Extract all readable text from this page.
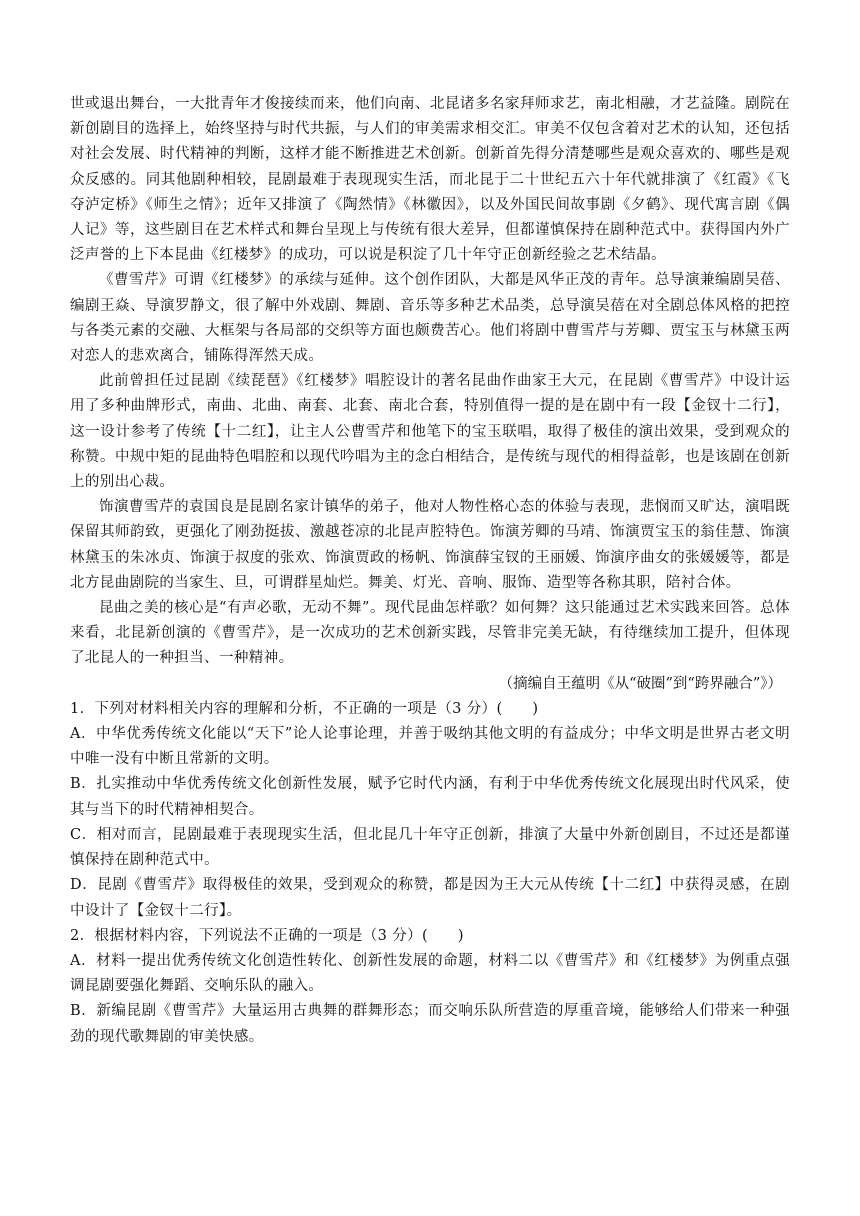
世或退出舞台，一大批青年才俊接续而来，他们向南、北昆诸多名家拜师求艺，南北相融，才艺益隆。剧院在新创剧目的选择上，始终坚持与时代共振，与人们的审美需求相交汇。审美不仅包含着对艺术的认知，还包括对社会发展、时代精神的判断，这样才能不断推进艺术创新。创新首先得分清楚哪些是观众喜欢的、哪些是观众反感的。同其他剧种相较，昆剧最难于表现现实生活，而北昆于二十世纪五六十年代就排演了《红霞》《飞夺泸定桥》《师生之情》；近年又排演了《陶然情》《林徽因》，以及外国民间故事剧《夕鹤》、现代寓言剧《偶人记》等，这些剧目在艺术样式和舞台呈现上与传统有很大差异，但都谨慎保持在剧种范式中。获得国内外广泛声誉的上下本昆曲《红楼梦》的成功，可以说是积淀了几十年守正创新经验之艺术结晶。

《曹雪芹》可谓《红楼梦》的承续与延伸。这个创作团队，大都是风华正茂的青年。总导演兼编剧吴蓓、编剧王焱、导演罗静文，很了解中外戏剧、舞剧、音乐等多种艺术品类，总导演吴蓓在对全剧总体风格的把控与各类元素的交融、大框架与各局部的交织等方面也颇费苦心。他们将剧中曹雪芹与芳卿、贾宝玉与林黛玉两对恋人的悲欢离合，铺陈得浑然天成。

此前曾担任过昆剧《续琵琶》《红楼梦》唱腔设计的著名昆曲作曲家王大元，在昆剧《曹雪芹》中设计运用了多种曲牌形式，南曲、北曲、南套、北套、南北合套，特别值得一提的是在剧中有一段【金钗十二行】，这一设计参考了传统【十二红】，让主人公曹雪芹和他笔下的宝玉联唱，取得了极佳的演出效果，受到观众的称赞。中规中矩的昆曲特色唱腔和以现代吟唱为主的念白相结合，是传统与现代的相得益彰，也是该剧在创新上的别出心裁。

饰演曹雪芹的袁国良是昆剧名家计镇华的弟子，他对人物性格心态的体验与表现，悲悯而又旷达，演唱既保留其师韵致，更强化了刚劲挺拔、激越苍凉的北昆声腔特色。饰演芳卿的马靖、饰演贾宝玉的翁佳慧、饰演林黛玉的朱冰贞、饰演于叔度的张欢、饰演贾政的杨帆、饰演薛宝钗的王丽媛、饰演序曲女的张媛媛等，都是北方昆曲剧院的当家生、旦，可谓群星灿烂。舞美、灯光、音响、服饰、造型等各称其职，陪衬合体。

昆曲之美的核心是“有声必歌，无动不舞”。现代昆曲怎样歌？如何舞？这只能通过艺术实践来回答。总体来看，北昆新创演的《曹雪芹》，是一次成功的艺术创新实践，尽管非完美无缺，有待继续加工提升，但体现了北昆人的一种担当、一种精神。

（摘编自王蕴明《从“破圈”到“跨界融合”》）

1．下列对材料相关内容的理解和分析，不正确的一项是（3 分）(　　)

A．中华优秀传统文化能以“天下”论人论事论理，并善于吸纳其他文明的有益成分；中华文明是世界古老文明中唯一没有中断且常新的文明。

B．扎实推动中华优秀传统文化创新性发展，赋予它时代内涵，有利于中华优秀传统文化展现出时代风采，使其与当下的时代精神相契合。

C．相对而言，昆剧最难于表现现实生活，但北昆几十年守正创新，排演了大量中外新创剧目，不过还是都谨慎保持在剧种范式中。

D．昆剧《曹雪芹》取得极佳的效果，受到观众的称赞，都是因为王大元从传统【十二红】中获得灵感，在剧中设计了【金钗十二行】。

2．根据材料内容，下列说法不正确的一项是（3 分）(　　)

A．材料一提出优秀传统文化创造性转化、创新性发展的命题，材料二以《曹雪芹》和《红楼梦》为例重点强调昆剧要强化舞蹈、交响乐队的融入。

B．新编昆剧《曹雪芹》大量运用古典舞的群舞形态；而交响乐队所营造的厚重音境，能够给人们带来一种强劲的现代歌舞剧的审美快感。
